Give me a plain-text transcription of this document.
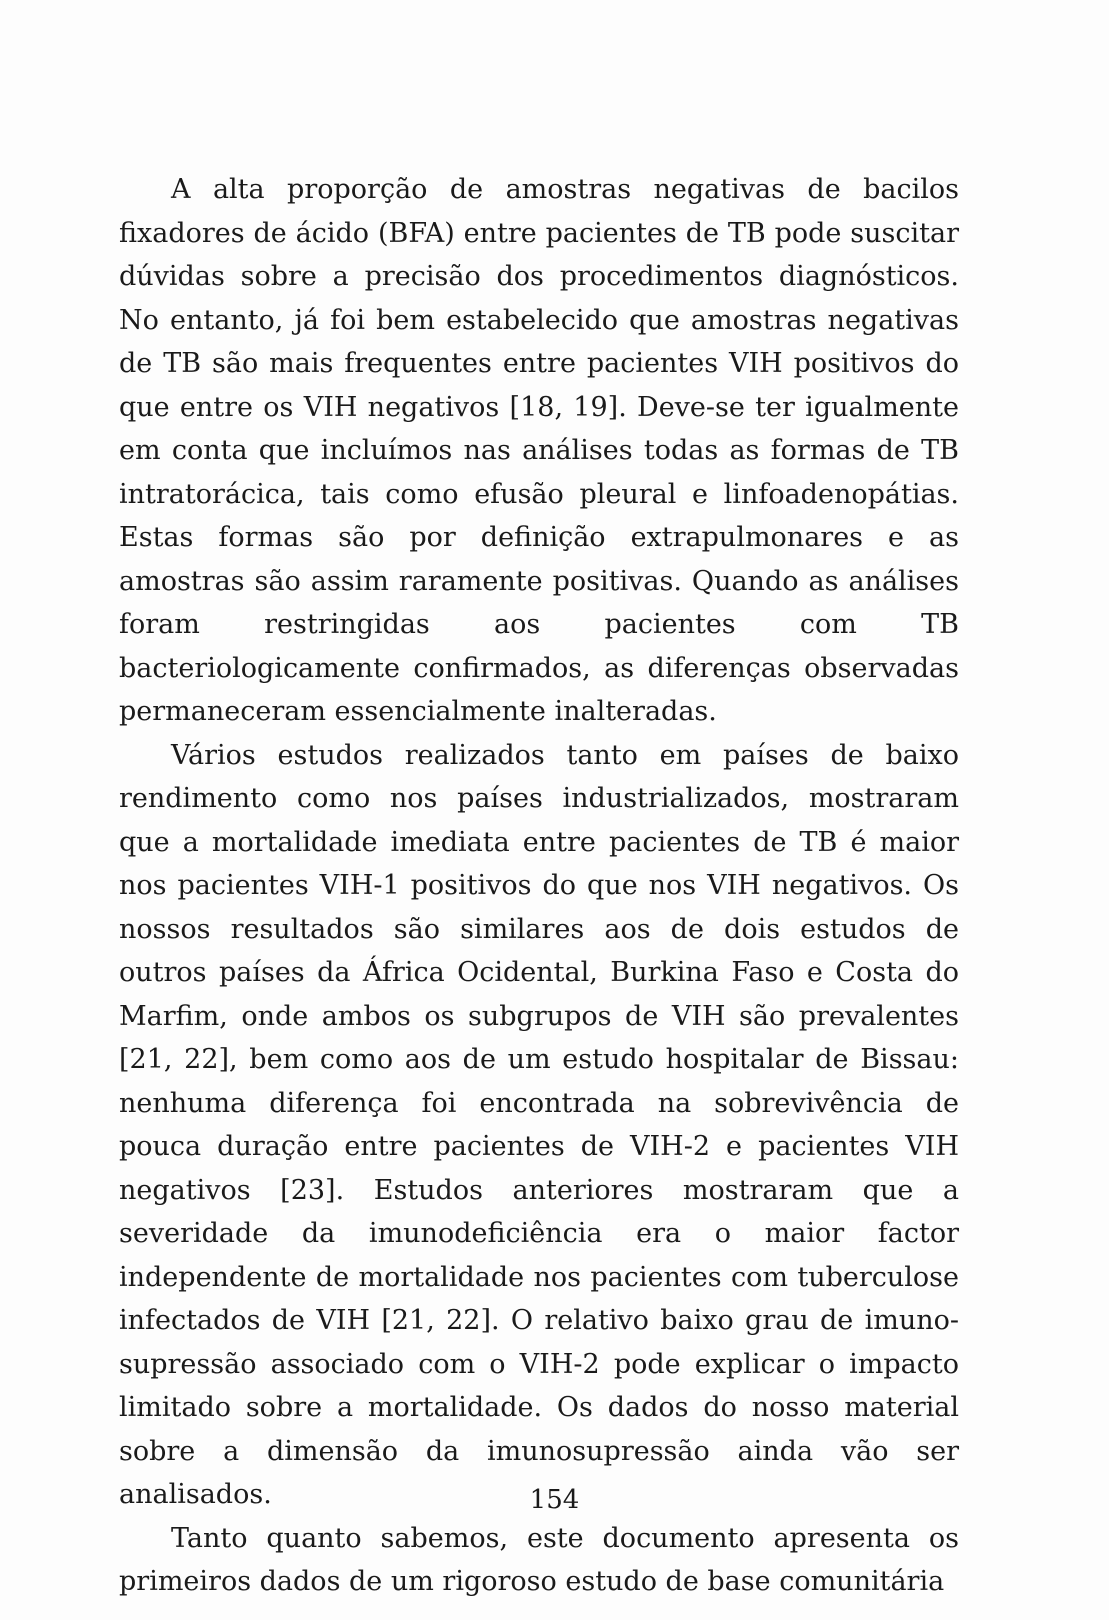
A alta proporção de amostras negativas de bacilos fixadores de ácido (BFA) entre pacientes de TB pode suscitar dúvidas sobre a precisão dos procedimentos diagnósticos. No entanto, já foi bem estabelecido que amostras negativas de TB são mais frequentes entre pacientes VIH positivos do que entre os VIH negativos [18, 19]. Deve-se ter igualmente em conta que incluímos nas análises todas as formas de TB intratorácica, tais como efusão pleural e linfoadenopátias. Estas formas são por definição extrapulmonares e as amostras são assim raramente positivas. Quando as análises foram restringidas aos pacientes com TB bacteriologicamente confirmados, as diferenças observadas permaneceram essencialmente inalteradas.

Vários estudos realizados tanto em países de baixo rendimento como nos países industrializados, mostraram que a mortalidade imediata entre pacientes de TB é maior nos pacientes VIH-1 positivos do que nos VIH negativos. Os nossos resultados são similares aos de dois estudos de outros países da África Ocidental, Burkina Faso e Costa do Marfim, onde ambos os subgrupos de VIH são prevalentes [21, 22], bem como aos de um estudo hospitalar de Bissau: nenhuma diferença foi encontrada na sobrevivência de pouca duração entre pacientes de VIH-2 e pacientes VIH negativos [23]. Estudos anteriores mostraram que a severidade da imunodeficiência era o maior factor independente de mortalidade nos pacientes com tuberculose infectados de VIH [21, 22]. O relativo baixo grau de imuno-supressão associado com o VIH-2 pode explicar o impacto limitado sobre a mortalidade. Os dados do nosso material sobre a dimensão da imunosupressão ainda vão ser analisados.

Tanto quanto sabemos, este documento apresenta os primeiros dados de um rigoroso estudo de base comunitária

154
